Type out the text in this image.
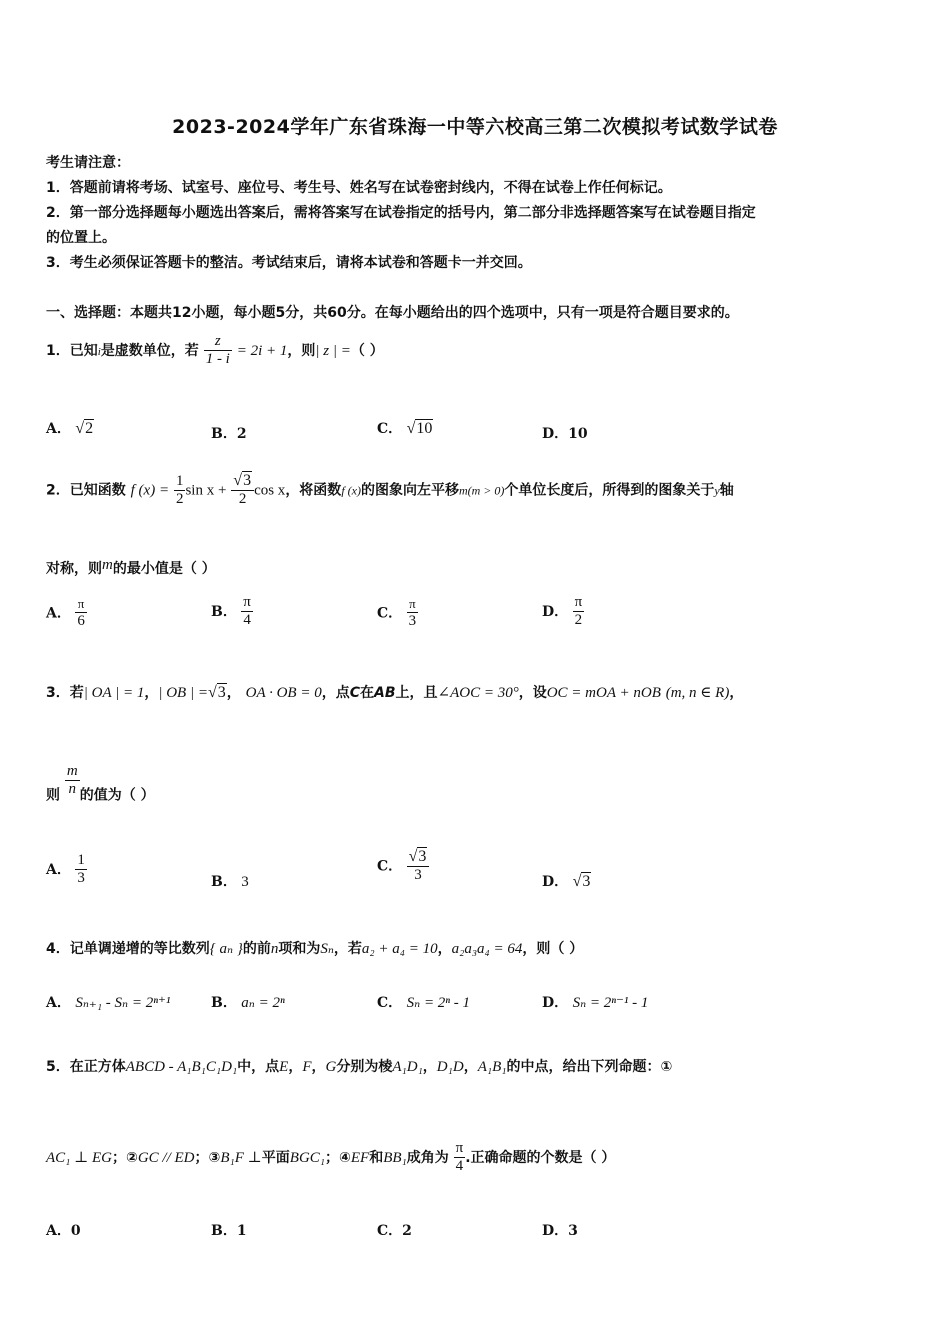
2023-2024学年广东省珠海一中等六校高三第二次模拟考试数学试卷
考生请注意：
1．答题前请将考场、试室号、座位号、考生号、姓名写在试卷密封线内，不得在试卷上作任何标记。
2．第一部分选择题每小题选出答案后，需将答案写在试卷指定的括号内，第二部分非选择题答案写在试卷题目指定
的位置上。
3．考生必须保证答题卡的整洁。考试结束后，请将本试卷和答题卡一并交回。
一、选择题：本题共12小题，每小题5分，共60分。在每小题给出的四个选项中，只有一项是符合题目要求的。
1．已知i是虚数单位，若 $\frac{z}{1 - i} = 2i + 1$，则| z | =（ ）
A． √2	B．2	C． √10	D．10
2．已知函数 f $(x) = \frac{1}{2}$ $\sin x + \frac{√3}{2}$ cos x，将函数f (x)的图象向左平移m(m > 0)个单位长度后，所得到的图象关于y轴
对称，则m的最小值是（ ）
A． $\frac{\pi}{6}$	B． $\frac{\pi}{4}$	C． $\frac{\pi}{3}$	D． $\frac{\pi}{2}$
3．若| OA | = 1，| OB | =√3， OA · OB = 0，点C在AB上，且∠AOC = 30°，设OC = mOA + nOB (m, n ∈ R)，
则 $\frac{m}{n}$ 的值为（ ）
A． $\frac{1}{3}$	B． 3
C． $\frac{√3}{3}$	D． √3
4．记单调递增的等比数列{ aₙ }的前n项和为Sₙ，若a₂ + a₄ = 10，a₂a₃a₄ = 64，则（ ）
A． Sₙ₊₁ - Sₙ = 2ⁿ⁺¹	B． aₙ = 2ⁿ	C． Sₙ = 2ⁿ - 1	D． Sₙ = 2ⁿ⁻¹ - 1
5．在正方体ABCD - A₁B₁C₁D₁中，点E，F，G分别为棱A₁D₁，D₁D，A₁B₁的中点，给出下列命题：①
AC₁ ⊥ EG；②GC // ED；③B₁F ⊥平面BGC₁；④EF和BB₁成角为 $\frac{\pi}{4}$ .正确命题的个数是（ ）
A．0	B．1	C．2	D．3
